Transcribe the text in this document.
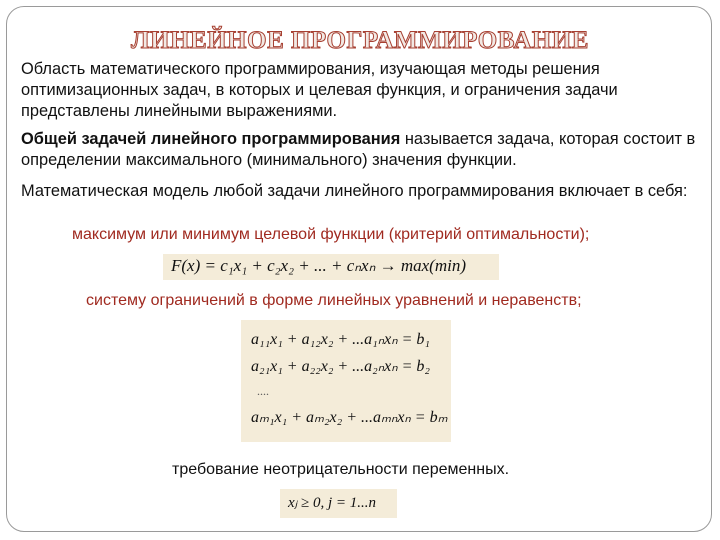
ЛИНЕЙНОЕ ПРОГРАММИРОВАНИЕ

Область математического программирования, изучающая методы решения оптимизационных задач, в которых и целевая функция, и ограничения задачи представлены линейными выражениями.

Общей задачей линейного программирования называется задача, которая состоит в определении максимального (минимального) значения функции.

Математическая модель любой задачи линейного программирования включает в себя:

максимум или минимум целевой функции (критерий оптимальности);
F(x) = c₁x₁ + c₂x₂ + ... + cₙxₙ → max(min)
систему ограничений в форме линейных уравнений и неравенств;
a₁₁x₁ + a₁₂x₂ + ...a₁ₙxₙ = b₁
a₂₁x₁ + a₂₂x₂ + ...a₂ₙxₙ = b₂
....
aₘ₁x₁ + aₘ₂x₂ + ...aₘₙxₙ = bₘ
требование неотрицательности переменных.
xⱼ ≥ 0, j = 1...n
